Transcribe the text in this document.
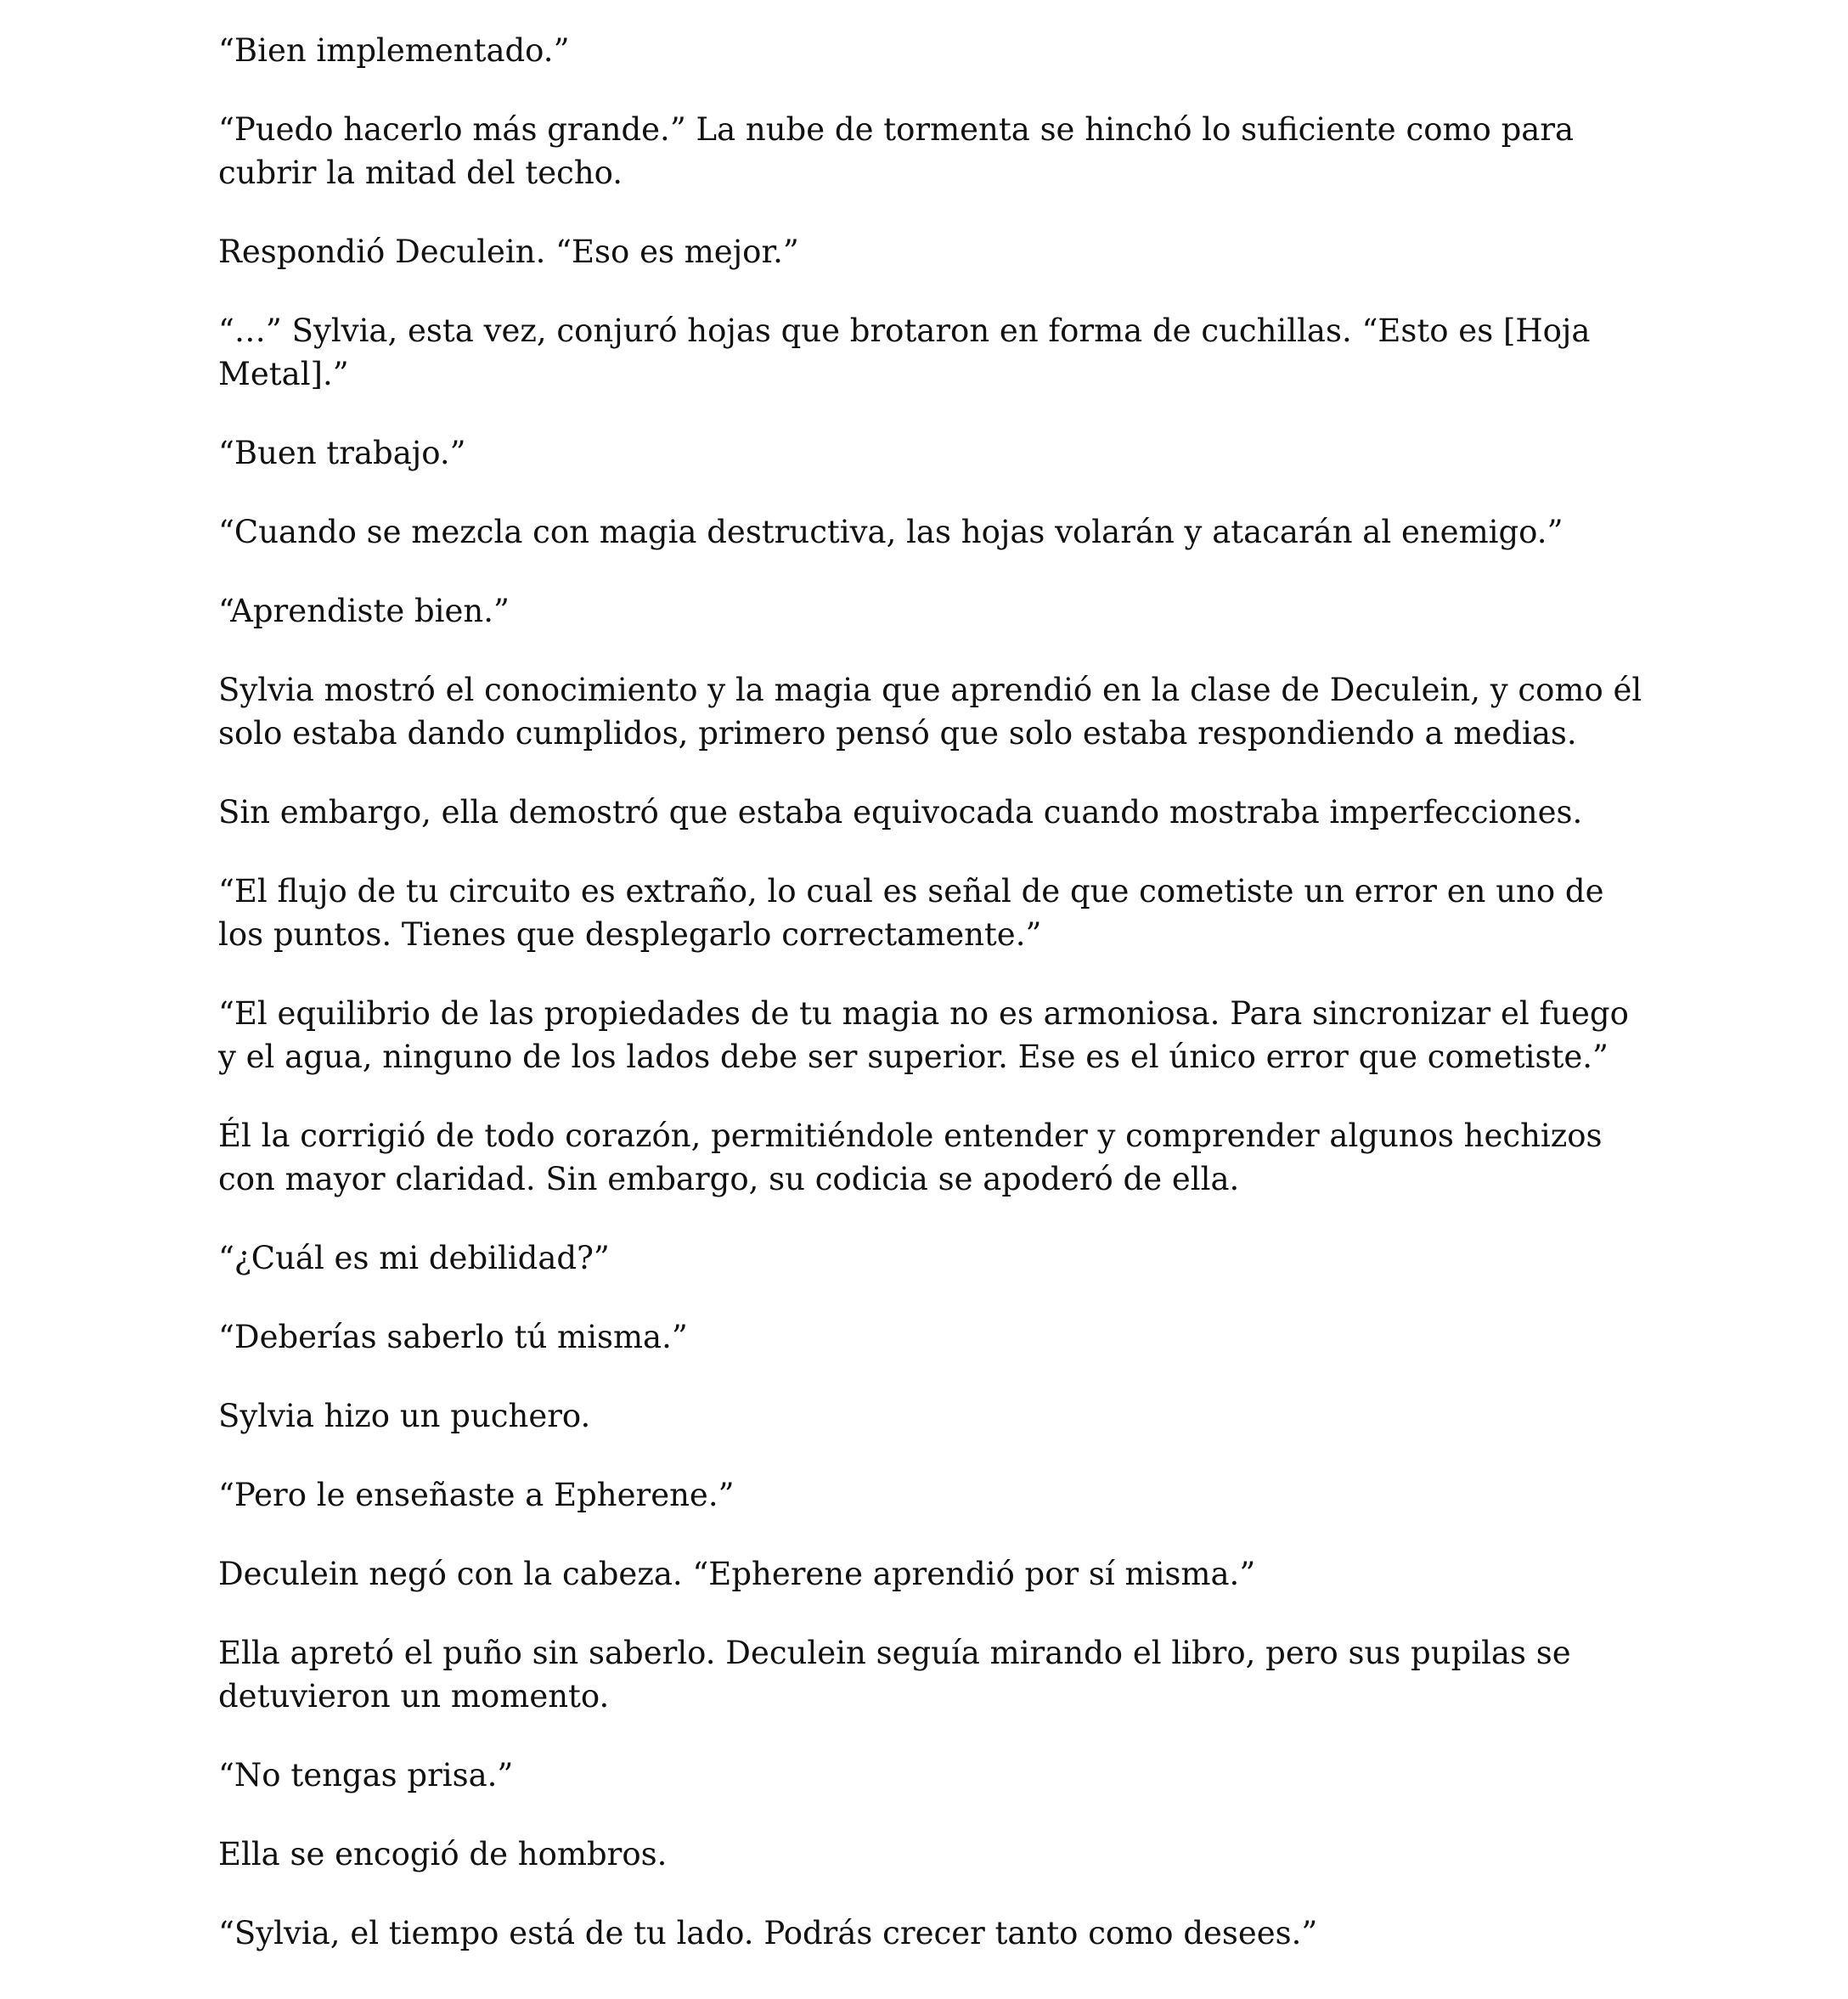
“Bien implementado.”

“Puedo hacerlo más grande.” La nube de tormenta se hinchó lo suficiente como para cubrir la mitad del techo.

Respondió Deculein. “Eso es mejor.”

“…” Sylvia, esta vez, conjuró hojas que brotaron en forma de cuchillas. “Esto es [Hoja Metal].”

“Buen trabajo.”

“Cuando se mezcla con magia destructiva, las hojas volarán y atacarán al enemigo.”

“Aprendiste bien.”

Sylvia mostró el conocimiento y la magia que aprendió en la clase de Deculein, y como él solo estaba dando cumplidos, primero pensó que solo estaba respondiendo a medias.

Sin embargo, ella demostró que estaba equivocada cuando mostraba imperfecciones.

“El flujo de tu circuito es extraño, lo cual es señal de que cometiste un error en uno de los puntos. Tienes que desplegarlo correctamente.”

“El equilibrio de las propiedades de tu magia no es armoniosa. Para sincronizar el fuego y el agua, ninguno de los lados debe ser superior. Ese es el único error que cometiste.”

Él la corrigió de todo corazón, permitiéndole entender y comprender algunos hechizos con mayor claridad. Sin embargo, su codicia se apoderó de ella.

“¿Cuál es mi debilidad?”

“Deberías saberlo tú misma.”

Sylvia hizo un puchero.

“Pero le enseñaste a Epherene.”

Deculein negó con la cabeza. “Epherene aprendió por sí misma.”

Ella apretó el puño sin saberlo. Deculein seguía mirando el libro, pero sus pupilas se detuvieron un momento.

“No tengas prisa.”

Ella se encogió de hombros.

“Sylvia, el tiempo está de tu lado. Podrás crecer tanto como desees.”
